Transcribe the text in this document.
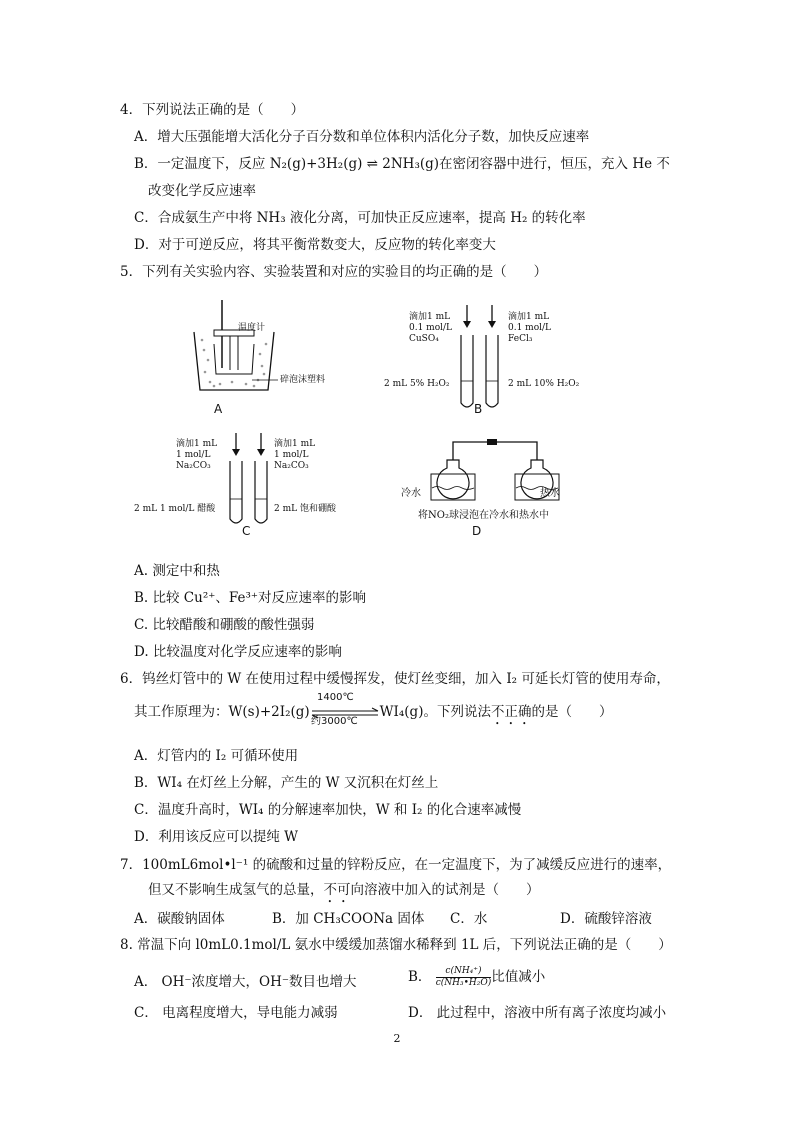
4．下列说法正确的是（　　）
A．增大压强能增大活化分子百分数和单位体积内活化分子数，加快反应速率
B．一定温度下，反应 N₂(g)+3H₂(g) ⇌ 2NH₃(g)在密闭容器中进行，恒压，充入 He 不
改变化学反应速率
C．合成氨生产中将 NH₃ 液化分离，可加快正反应速率，提高 H₂ 的转化率
D．对于可逆反应，将其平衡常数变大，反应物的转化率变大
5．下列有关实验内容、实验装置和对应的实验目的均正确的是（　　）
温度计
碎泡沫塑料
A
滴加1 mL
0.1 mol/L
CuSO₄
滴加1 mL
0.1 mol/L
FeCl₃
2 mL 5% H₂O₂	2 mL 10% H₂O₂
B
滴加1 mL
1 mol/L
Na₂CO₃
滴加1 mL
1 mol/L
Na₂CO₃
2 mL 1 mol/L 醋酸	2 mL 饱和硼酸
C
冷水	热水
将NO₂球浸泡在冷水和热水中
D
A. 测定中和热
B. 比较 Cu²⁺、Fe³⁺对反应速率的影响
C. 比较醋酸和硼酸的酸性强弱
D. 比较温度对化学反应速率的影响
6．钨丝灯管中的 W 在使用过程中缓慢挥发，使灯丝变细，加入 I₂ 可延长灯管的使用寿命，
其工作原理为：W(s)+2I₂(g)	WI₄(g)。下列说法不正确的是（　　）
1400℃
约3000℃
A．灯管内的 I₂ 可循环使用
B．WI₄ 在灯丝上分解，产生的 W 又沉积在灯丝上
C．温度升高时，WI₄ 的分解速率加快，W 和 I₂ 的化合速率减慢
D．利用该反应可以提纯 W
7．100mL6mol•l⁻¹ 的硫酸和过量的锌粉反应，在一定温度下，为了减缓反应进行的速率，
但又不影响生成氢气的总量，不可向溶液中加入的试剂是（　　）
A．碳酸钠固体	B．加 CH₃COONa 固体 C．水	D．硫酸锌溶液
8. 常温下向 l0mL0.1mol/L 氨水中缓缓加蒸馏水稀释到 1L 后，下列说法正确的是（　　）
A． OH⁻浓度增大，OH⁻数目也增大	B． $\frac{\text{c(NH₄⁺)}}{\text{c(NH₃•H₂O)}}$ 比值减小
C． 电离程度增大，导电能力减弱	D． 此过程中，溶液中所有离子浓度均减小
2
